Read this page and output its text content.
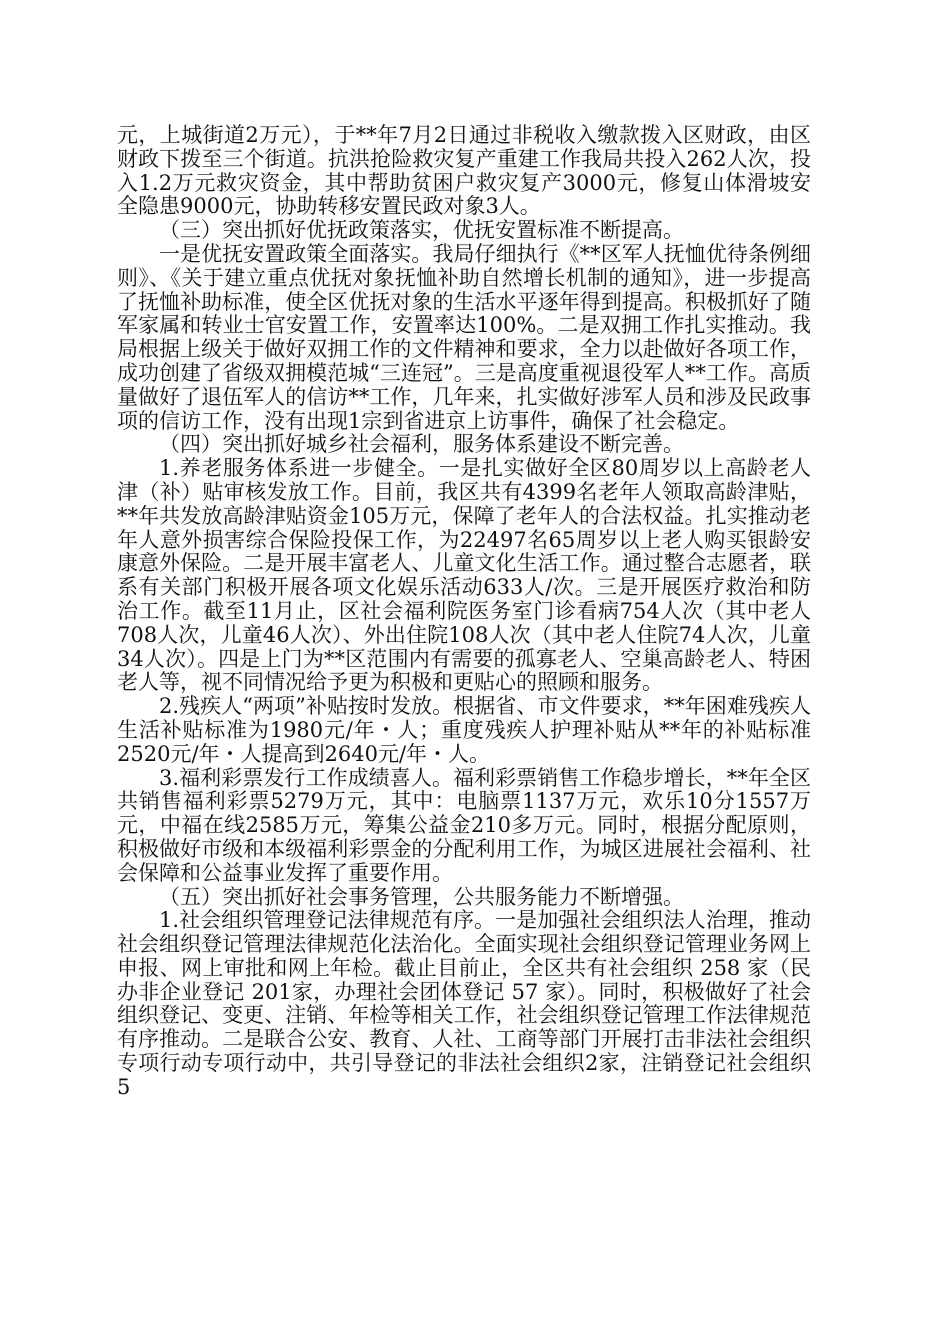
元，上城街道2万元），于**年7月2日通过非税收入缴款拨入区财政，由区财政下拨至三个街道。抗洪抢险救灾复产重建工作我局共投入262人次，投入1.2万元救灾资金，其中帮助贫困户救灾复产3000元，修复山体滑坡安全隐患9000元，协助转移安置民政对象3人。

（三）突出抓好优抚政策落实，优抚安置标准不断提高。

一是优抚安置政策全面落实。我局仔细执行《**区军人抚恤优待条例细则》、《关于建立重点优抚对象抚恤补助自然增长机制的通知》，进一步提高了抚恤补助标准，使全区优抚对象的生活水平逐年得到提高。积极抓好了随军家属和转业士官安置工作，安置率达100%。二是双拥工作扎实推动。我局根据上级关于做好双拥工作的文件精神和要求，全力以赴做好各项工作，成功创建了省级双拥模范城“三连冠”。三是高度重视退役军人**工作。高质量做好了退伍军人的信访**工作，几年来，扎实做好涉军人员和涉及民政事项的信访工作，没有出现1宗到省进京上访事件，确保了社会稳定。

（四）突出抓好城乡社会福利，服务体系建设不断完善。

1.养老服务体系进一步健全。一是扎实做好全区80周岁以上高龄老人津（补）贴审核发放工作。目前，我区共有4399名老年人领取高龄津贴，**年共发放高龄津贴资金105万元，保障了老年人的合法权益。扎实推动老年人意外损害综合保险投保工作，为22497名65周岁以上老人购买银龄安康意外保险。二是开展丰富老人、儿童文化生活工作。通过整合志愿者，联系有关部门积极开展各项文化娱乐活动633人/次。三是开展医疗救治和防治工作。截至11月止，区社会福利院医务室门诊看病754人次（其中老人708人次，儿童46人次）、外出住院108人次（其中老人住院74人次，儿童34人次）。四是上门为**区范围内有需要的孤寡老人、空巢高龄老人、特困老人等，视不同情况给予更为积极和更贴心的照顾和服务。

2.残疾人“两项”补贴按时发放。根据省、市文件要求，**年困难残疾人生活补贴标准为1980元/年・人；重度残疾人护理补贴从**年的补贴标准2520元/年・人提高到2640元/年・人。

3.福利彩票发行工作成绩喜人。福利彩票销售工作稳步增长，**年全区共销售福利彩票5279万元，其中：电脑票1137万元，欢乐10分1557万元，中福在线2585万元，筹集公益金210多万元。同时，根据分配原则，积极做好市级和本级福利彩票金的分配利用工作，为城区进展社会福利、社会保障和公益事业发挥了重要作用。

（五）突出抓好社会事务管理，公共服务能力不断增强。

1.社会组织管理登记法律规范有序。一是加强社会组织法人治理，推动社会组织登记管理法律规范化法治化。全面实现社会组织登记管理业务网上申报、网上审批和网上年检。截止目前止，全区共有社会组织 258 家（民办非企业登记 201家，办理社会团体登记 57 家）。同时，积极做好了社会组织登记、变更、注销、年检等相关工作，社会组织登记管理工作法律规范有序推动。二是联合公安、教育、人社、工商等部门开展打击非法社会组织专项行动专项行动中，共引导登记的非法社会组织2家，注销登记社会组织5
